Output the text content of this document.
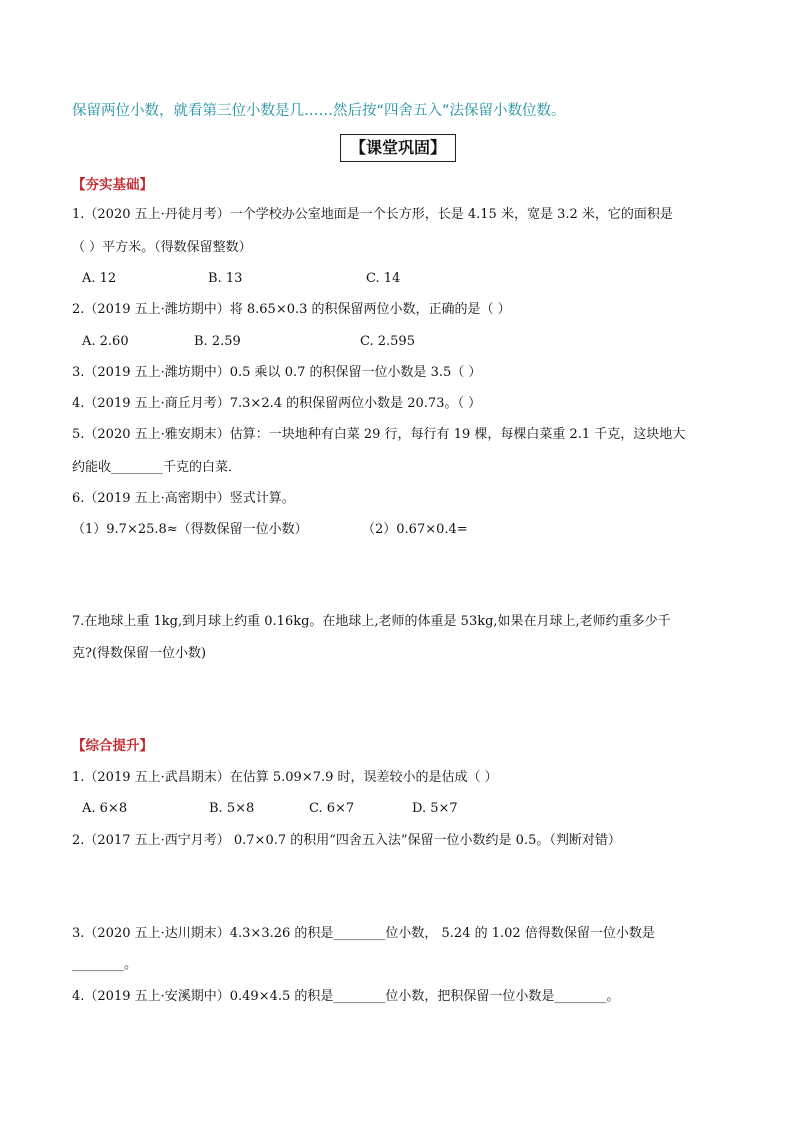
保留两位小数，就看第三位小数是几……然后按“四舍五入”法保留小数位数。
【课堂巩固】
【夯实基础】
1.（2020 五上·丹徒月考）一个学校办公室地面是一个长方形，长是 4.15 米，宽是 3.2 米，它的面积是
（ ）平方米。（得数保留整数）
A. 12	B. 13	C. 14
2.（2019 五上·潍坊期中）将 8.65×0.3 的积保留两位小数，正确的是（ ）
A. 2.60	B. 2.59	C. 2.595
3.（2019 五上·潍坊期中）0.5 乘以 0.7 的积保留一位小数是 3.5（ ）
4.（2019 五上·商丘月考）7.3×2.4 的积保留两位小数是 20.73。（ ）
5.（2020 五上·雅安期末）估算：一块地种有白菜 29 行，每行有 19 棵，每棵白菜重 2.1 千克，这块地大
约能收________千克的白菜．
6.（2019 五上·高密期中）竖式计算。
（1）9.7×25.8≈（得数保留一位小数）	（2）0.67×0.4=
7.在地球上重 1kg,到月球上约重 0.16kg。在地球上,老师的体重是 53kg,如果在月球上,老师约重多少千
克?(得数保留一位小数)
【综合提升】
1.（2019 五上·武昌期末）在估算 5.09×7.9 时，误差较小的是估成（ ）
A. 6×8	B. 5×8	C. 6×7	D. 5×7
2.（2017 五上·西宁月考） 0.7×0.7 的积用“四舍五入法”保留一位小数约是 0.5。（判断对错）
3.（2020 五上·达川期末）4.3×3.26 的积是________位小数， 5.24 的 1.02 倍得数保留一位小数是
________。
4.（2019 五上·安溪期中）0.49×4.5 的积是________位小数，把积保留一位小数是________。
